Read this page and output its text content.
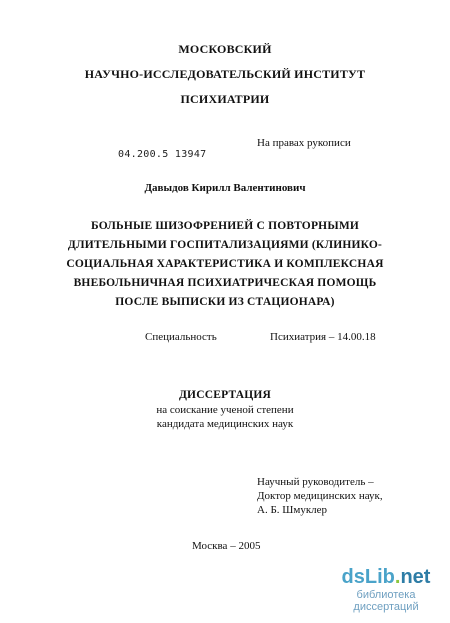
МОСКОВСКИЙ
НАУЧНО-ИССЛЕДОВАТЕЛЬСКИЙ ИНСТИТУТ
ПСИХИАТРИИ
На правах рукописи
04.200.5 13947
Давыдов Кирилл Валентинович
БОЛЬНЫЕ ШИЗОФРЕНИЕЙ С ПОВТОРНЫМИ
ДЛИТЕЛЬНЫМИ ГОСПИТАЛИЗАЦИЯМИ (КЛИНИКО-
СОЦИАЛЬНАЯ ХАРАКТЕРИСТИКА И КОМПЛЕКСНАЯ
ВНЕБОЛЬНИЧНАЯ ПСИХИАТРИЧЕСКАЯ ПОМОЩЬ
ПОСЛЕ ВЫПИСКИ ИЗ СТАЦИОНАРА)
Специальность	Психиатрия – 14.00.18
ДИССЕРТАЦИЯ
на соискание ученой степени
кандидата медицинских наук
Научный руководитель –
Доктор медицинских наук,
А. Б. Шмуклер
Москва – 2005
dsLib.net
библиотека диссертаций
